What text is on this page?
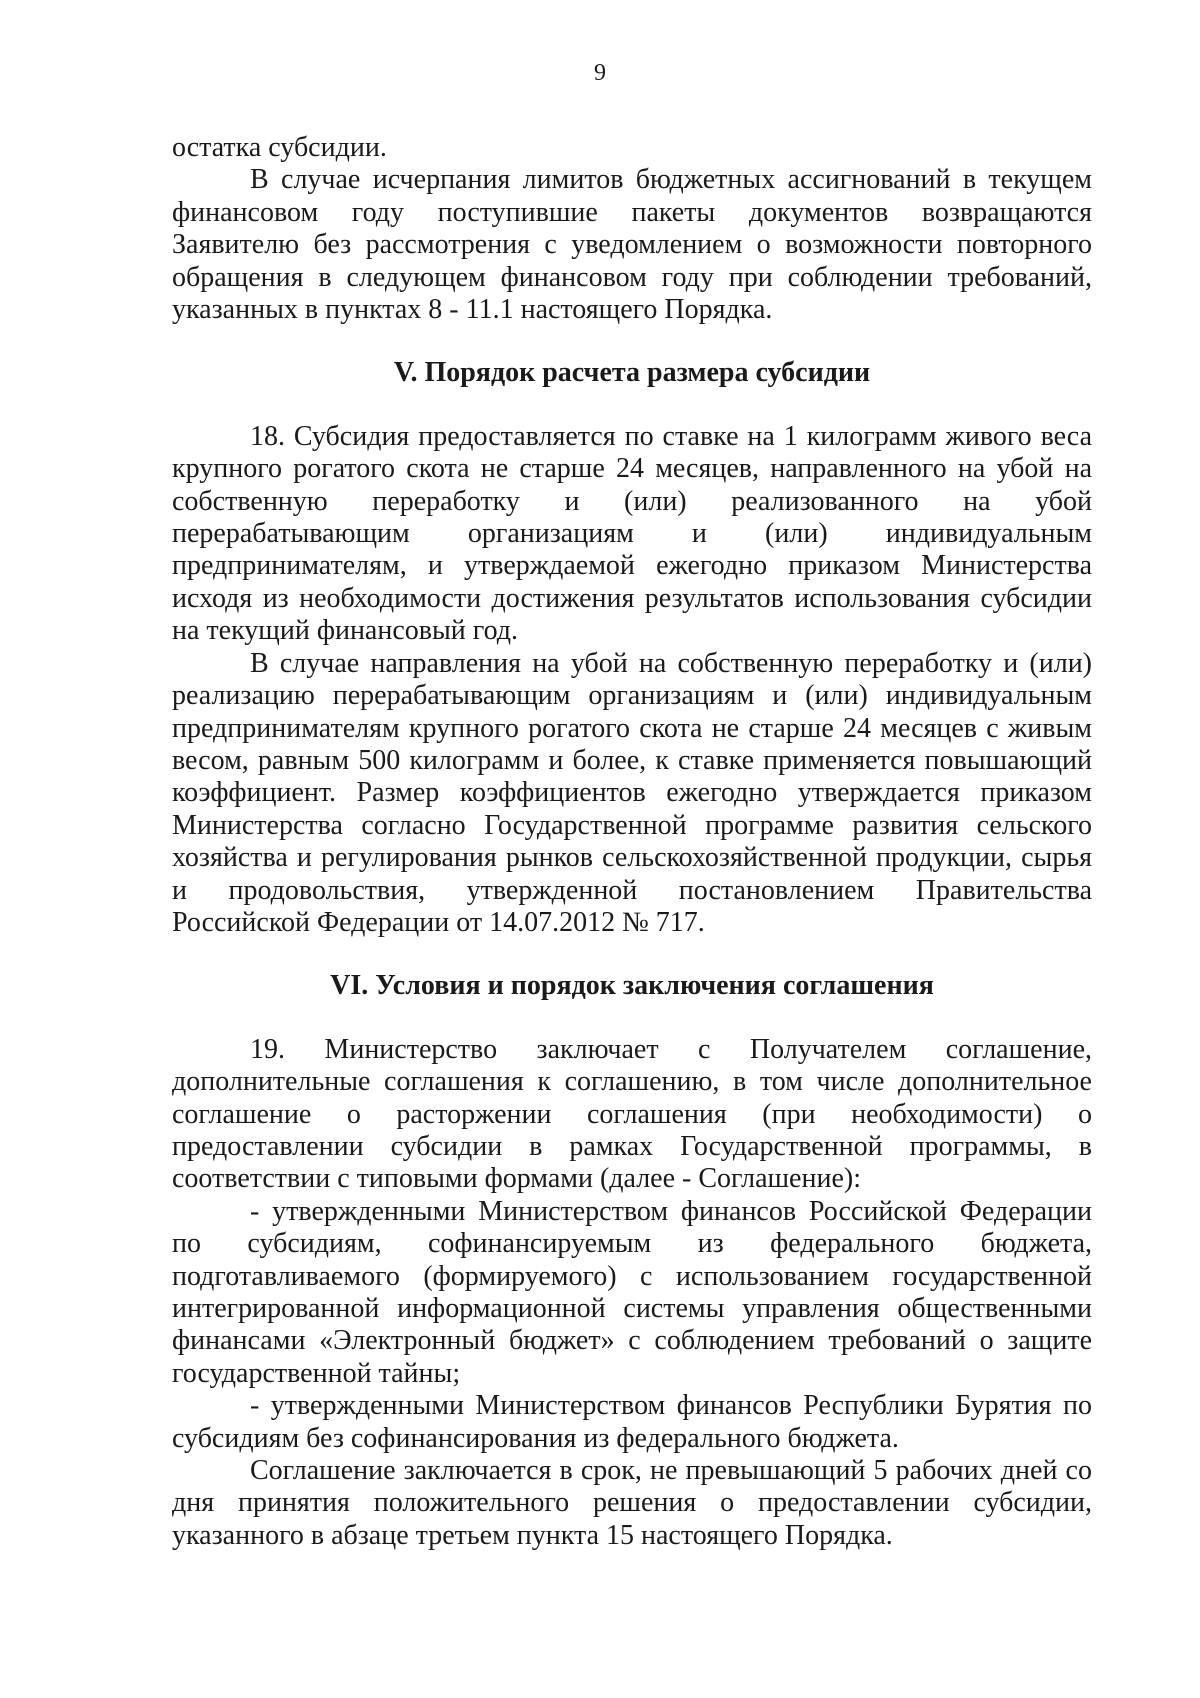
9

остатка субсидии.

В случае исчерпания лимитов бюджетных ассигнований в текущем финансовом году поступившие пакеты документов возвращаются Заявителю без рассмотрения с уведомлением о возможности повторного обращения в следующем финансовом году при соблюдении требований, указанных в пунктах 8 - 11.1 настоящего Порядка.

V. Порядок расчета размера субсидии

18. Субсидия предоставляется по ставке на 1 килограмм живого веса крупного рогатого скота не старше 24 месяцев, направленного на убой на собственную переработку и (или) реализованного на убой перерабатывающим организациям и (или) индивидуальным предпринимателям, и утверждаемой ежегодно приказом Министерства исходя из необходимости достижения результатов использования субсидии на текущий финансовый год.

В случае направления на убой на собственную переработку и (или) реализацию перерабатывающим организациям и (или) индивидуальным предпринимателям крупного рогатого скота не старше 24 месяцев с живым весом, равным 500 килограмм и более, к ставке применяется повышающий коэффициент. Размер коэффициентов ежегодно утверждается приказом Министерства согласно Государственной программе развития сельского хозяйства и регулирования рынков сельскохозяйственной продукции, сырья и продовольствия, утвержденной постановлением Правительства Российской Федерации от 14.07.2012 № 717.

VI. Условия и порядок заключения соглашения

19. Министерство заключает с Получателем соглашение, дополнительные соглашения к соглашению, в том числе дополнительное соглашение о расторжении соглашения (при необходимости) о предоставлении субсидии в рамках Государственной программы, в соответствии с типовыми формами (далее - Соглашение):

- утвержденными Министерством финансов Российской Федерации по субсидиям, софинансируемым из федерального бюджета, подготавливаемого (формируемого) с использованием государственной интегрированной информационной системы управления общественными финансами «Электронный бюджет» с соблюдением требований о защите государственной тайны;

- утвержденными Министерством финансов Республики Бурятия по субсидиям без софинансирования из федерального бюджета.

Соглашение заключается в срок, не превышающий 5 рабочих дней со дня принятия положительного решения о предоставлении субсидии, указанного в абзаце третьем пункта 15 настоящего Порядка.
